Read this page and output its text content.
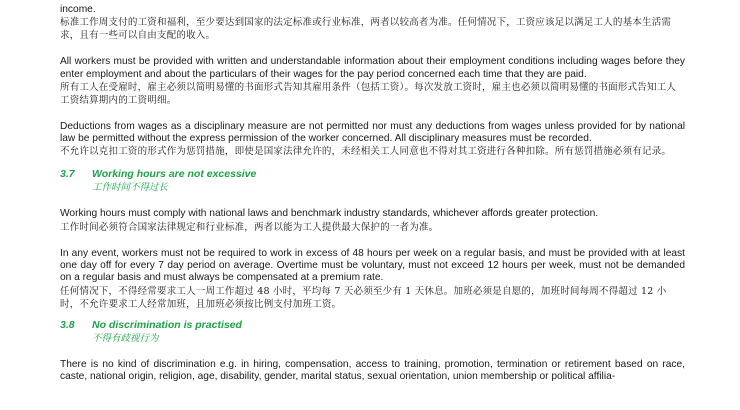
income.

标准工作周支付的工资和福利，至少要达到国家的法定标准或行业标准，两者以较高者为准。任何情况下，工资应该足以满足工人的基本生活需求，且有一些可以自由支配的收入。

All workers must be provided with written and understandable information about their employment conditions including wages before they enter employment and about the particulars of their wages for the pay period concerned each time that they are paid.

所有工人在受雇时，雇主必须以简明易懂的书面形式告知其雇用条件（包括工资）。每次发放工资时，雇主也必须以简明易懂的书面形式告知工人工资结算期内的工资明细。

Deductions from wages as a disciplinary measure are not permitted nor must any deductions from wages unless provided for by national law be permitted without the express permission of the worker concerned. All disciplinary measures must be recorded.

不允许以克扣工资的形式作为惩罚措施，即使是国家法律允许的，未经相关工人同意也不得对其工资进行各种扣除。所有惩罚措施必须有记录。

3.7	Working hours are not excessive
工作时间不得过长

Working hours must comply with national laws and benchmark industry standards, whichever affords greater protection.

工作时间必须符合国家法律规定和行业标准，两者以能为工人提供最大保护的一者为准。

In any event, workers must not be required to work in excess of 48 hours per week on a regular basis, and must be provided with at least one day off for every 7 day period on average. Overtime must be voluntary, must not exceed 12 hours per week, must not be demanded on a regular basis and must always be compensated at a premium rate.

任何情况下，不得经常要求工人一周工作超过 48 小时，平均每 7 天必须至少有 1 天休息。加班必须是自愿的，加班时间每周不得超过 12 小时，不允许要求工人经常加班，且加班必须按比例支付加班工资。

3.8	No discrimination is practised
不得有歧视行为

There is no kind of discrimination e.g. in hiring, compensation, access to training, promotion, termination or retirement based on race, caste, national origin, religion, age, disability, gender, marital status, sexual orientation, union membership or political affilia-
